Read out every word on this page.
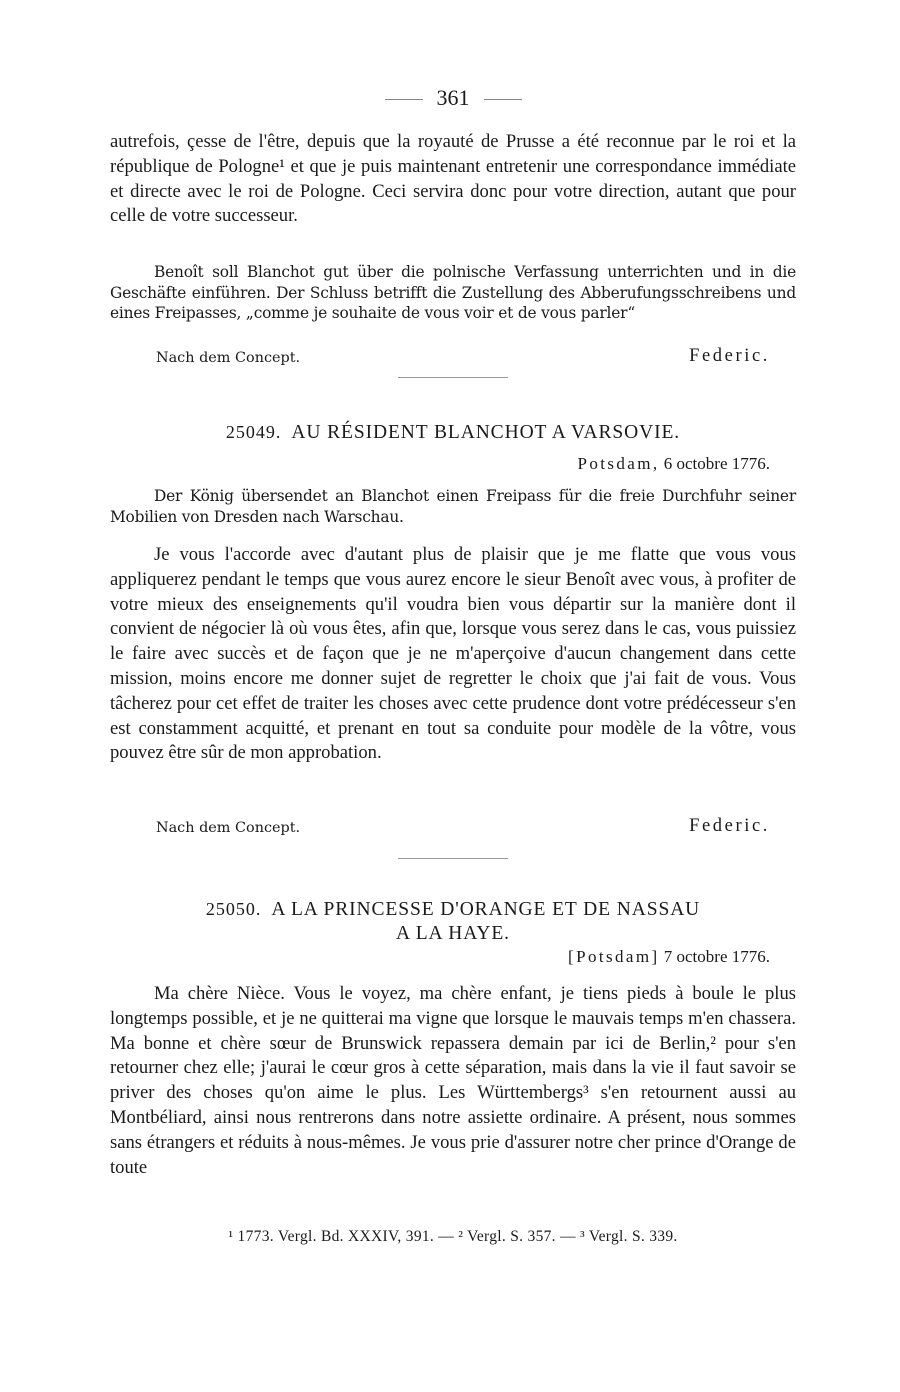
361

autrefois, çesse de l'être, depuis que la royauté de Prusse a été reconnue par le roi et la république de Pologne¹ et que je puis maintenant entretenir une correspondance immédiate et directe avec le roi de Pologne. Ceci servira donc pour votre direction, autant que pour celle de votre successeur.

Benoît soll Blanchot gut über die polnische Verfassung unterrichten und in die Geschäfte einführen. Der Schluss betrifft die Zustellung des Abberufungsschreibens und eines Freipasses, „comme je souhaite de vous voir et de vous parler“

Nach dem Concept.	Federic.

25049. AU RÉSIDENT BLANCHOT A VARSOVIE.

Potsdam, 6 octobre 1776.

Der König übersendet an Blanchot einen Freipass für die freie Durchfuhr seiner Mobilien von Dresden nach Warschau.

Je vous l'accorde avec d'autant plus de plaisir que je me flatte que vous vous appliquerez pendant le temps que vous aurez encore le sieur Benoît avec vous, à profiter de votre mieux des enseignements qu'il voudra bien vous départir sur la manière dont il convient de négocier là où vous êtes, afin que, lorsque vous serez dans le cas, vous puissiez le faire avec succès et de façon que je ne m'aperçoive d'aucun changement dans cette mission, moins encore me donner sujet de regretter le choix que j'ai fait de vous. Vous tâcherez pour cet effet de traiter les choses avec cette prudence dont votre prédécesseur s'en est constamment acquitté, et prenant en tout sa conduite pour modèle de la vôtre, vous pouvez être sûr de mon approbation.

Nach dem Concept.	Federic.

25050. A LA PRINCESSE D'ORANGE ET DE NASSAU

A LA HAYE.

[Potsdam] 7 octobre 1776.

Ma chère Nièce. Vous le voyez, ma chère enfant, je tiens pieds à boule le plus longtemps possible, et je ne quitterai ma vigne que lorsque le mauvais temps m'en chassera. Ma bonne et chère sœur de Brunswick repassera demain par ici de Berlin,² pour s'en retourner chez elle; j'aurai le cœur gros à cette séparation, mais dans la vie il faut savoir se priver des choses qu'on aime le plus. Les Württembergs³ s'en retournent aussi au Montbéliard, ainsi nous rentrerons dans notre assiette ordinaire. A présent, nous sommes sans étrangers et réduits à nous-mêmes. Je vous prie d'assurer notre cher prince d'Orange de toute

¹ 1773. Vergl. Bd. XXXIV, 391. — ² Vergl. S. 357. — ³ Vergl. S. 339.
